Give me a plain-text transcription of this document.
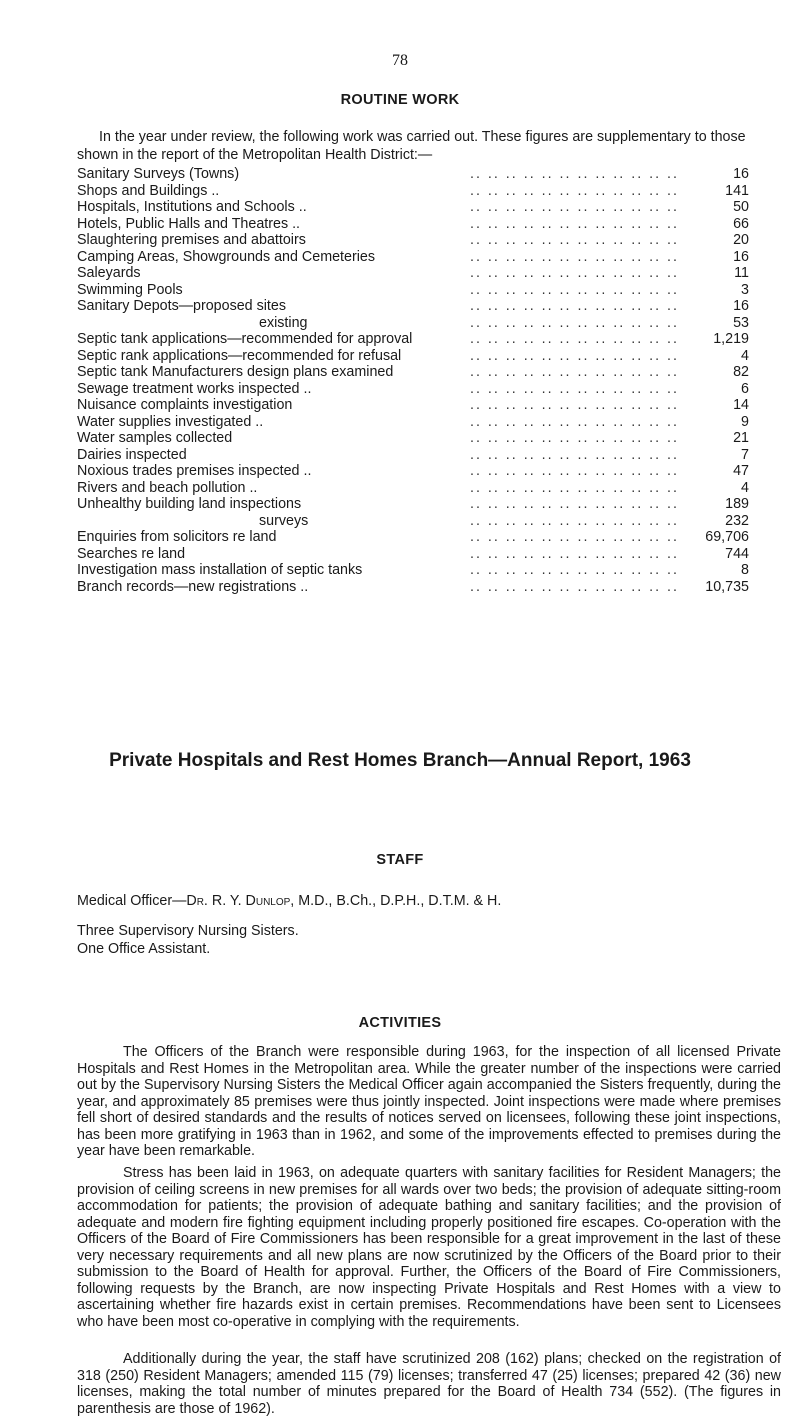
78
ROUTINE WORK
In the year under review, the following work was carried out. These figures are supplementary to those shown in the report of the Metropolitan Health District:—
.. .. .. .. .. .. .. .. .. .. .. ..
Sanitary Surveys (Towns)	16
.. .. .. .. .. .. .. .. .. .. .. ..
Shops and Buildings ..	141
.. .. .. .. .. .. .. .. .. .. .. ..
Hospitals, Institutions and Schools ..	50
.. .. .. .. .. .. .. .. .. .. .. ..
Hotels, Public Halls and Theatres ..	66
.. .. .. .. .. .. .. .. .. .. .. ..
Slaughtering premises and abattoirs	20
.. .. .. .. .. .. .. .. .. .. .. ..
Camping Areas, Showgrounds and Cemeteries	16
.. .. .. .. .. .. .. .. .. .. .. ..
Saleyards	11
.. .. .. .. .. .. .. .. .. .. .. ..
Swimming Pools	3
.. .. .. .. .. .. .. .. .. .. .. ..
Sanitary Depots—proposed sites	16
.. .. .. .. .. .. .. .. .. .. .. ..
existing	53
.. .. .. .. .. .. .. .. .. .. .. ..
Septic tank applications—recommended for approval	1,219
.. .. .. .. .. .. .. .. .. .. .. ..
Septic rank applications—recommended for refusal	4
.. .. .. .. .. .. .. .. .. .. .. ..
Septic tank Manufacturers design plans examined	82
.. .. .. .. .. .. .. .. .. .. .. ..
Sewage treatment works inspected ..	6
.. .. .. .. .. .. .. .. .. .. .. ..
Nuisance complaints investigation	14
.. .. .. .. .. .. .. .. .. .. .. ..
Water supplies investigated ..	9
.. .. .. .. .. .. .. .. .. .. .. ..
Water samples collected	21
.. .. .. .. .. .. .. .. .. .. .. ..
Dairies inspected	7
.. .. .. .. .. .. .. .. .. .. .. ..
Noxious trades premises inspected ..	47
.. .. .. .. .. .. .. .. .. .. .. ..
Rivers and beach pollution ..	4
.. .. .. .. .. .. .. .. .. .. .. ..
Unhealthy building land inspections	189
.. .. .. .. .. .. .. .. .. .. .. ..
surveys	232
.. .. .. .. .. .. .. .. .. .. .. ..
Enquiries from solicitors re land	69,706
.. .. .. .. .. .. .. .. .. .. .. ..
Searches re land	744
.. .. .. .. .. .. .. .. .. .. .. ..
Investigation mass installation of septic tanks	8
.. .. .. .. .. .. .. .. .. .. .. ..
Branch records—new registrations ..	10,735
Private Hospitals and Rest Homes Branch—Annual Report, 1963
STAFF
Medical Officer—Dr. R. Y. Dunlop, M.D., B.Ch., D.P.H., D.T.M. & H.
Three Supervisory Nursing Sisters.
One Office Assistant.
ACTIVITIES
The Officers of the Branch were responsible during 1963, for the inspection of all licensed Private Hospitals and Rest Homes in the Metropolitan area. While the greater number of the inspections were carried out by the Supervisory Nursing Sisters the Medical Officer again accompanied the Sisters frequently, during the year, and approximately 85 premises were thus jointly inspected. Joint inspections were made where premises fell short of desired standards and the results of notices served on licensees, following these joint inspections, has been more gratifying in 1963 than in 1962, and some of the improvements effected to premises during the year have been remarkable.
Stress has been laid in 1963, on adequate quarters with sanitary facilities for Resident Managers; the provision of ceiling screens in new premises for all wards over two beds; the provision of adequate sitting-room accommodation for patients; the provision of adequate bathing and sanitary facilities; and the provision of adequate and modern fire fighting equipment including properly positioned fire escapes. Co-operation with the Officers of the Board of Fire Commissioners has been responsible for a great improvement in the last of these very necessary requirements and all new plans are now scrutinized by the Officers of the Board prior to their submission to the Board of Health for approval. Further, the Officers of the Board of Fire Commissioners, following requests by the Branch, are now inspecting Private Hospitals and Rest Homes with a view to ascertaining whether fire hazards exist in certain premises. Recommendations have been sent to Licensees who have been most co-operative in complying with the requirements.
Additionally during the year, the staff have scrutinized 208 (162) plans; checked on the registration of 318 (250) Resident Managers; amended 115 (79) licenses; transferred 47 (25) licenses; prepared 42 (36) new licenses, making the total number of minutes prepared for the Board of Health 734 (552). (The figures in parenthesis are those of 1962).
